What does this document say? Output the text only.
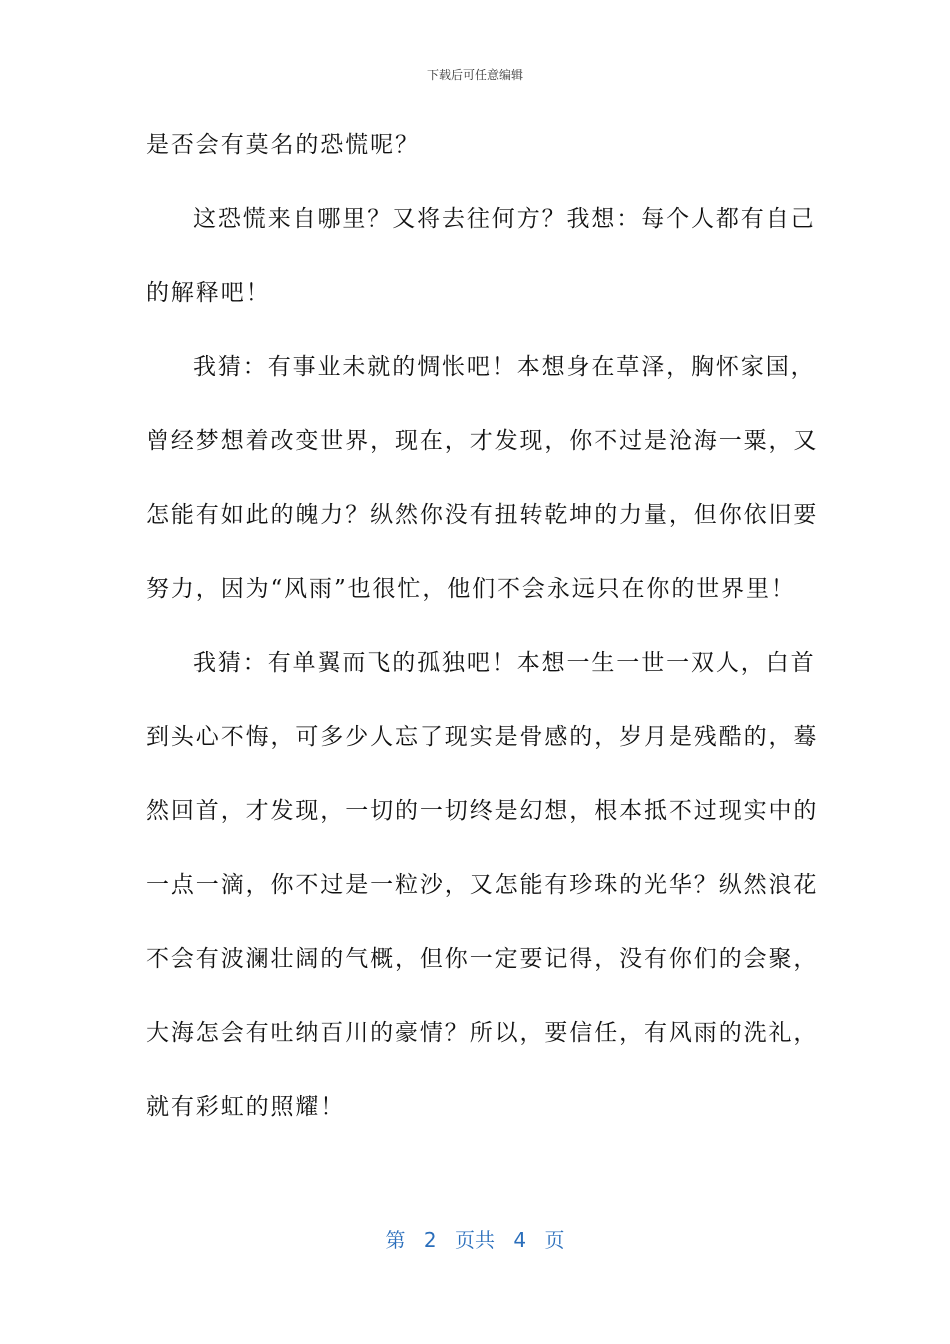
下载后可任意编辑
是否会有莫名的恐慌呢？
这恐慌来自哪里？又将去往何方？我想：每个人都有自己
的解释吧！
我猜：有事业未就的惆怅吧！本想身在草泽，胸怀家国，
曾经梦想着改变世界，现在，才发现，你不过是沧海一粟，又
怎能有如此的魄力？纵然你没有扭转乾坤的力量，但你依旧要
努力，因为“风雨”也很忙，他们不会永远只在你的世界里！
我猜：有单翼而飞的孤独吧！本想一生一世一双人，白首
到头心不悔，可多少人忘了现实是骨感的，岁月是残酷的，蓦
然回首，才发现，一切的一切终是幻想，根本抵不过现实中的
一点一滴，你不过是一粒沙，又怎能有珍珠的光华？纵然浪花
不会有波澜壮阔的气概，但你一定要记得，没有你们的会聚，
大海怎会有吐纳百川的豪情？所以，要信任，有风雨的洗礼，
就有彩虹的照耀！
第 2 页共 4 页
